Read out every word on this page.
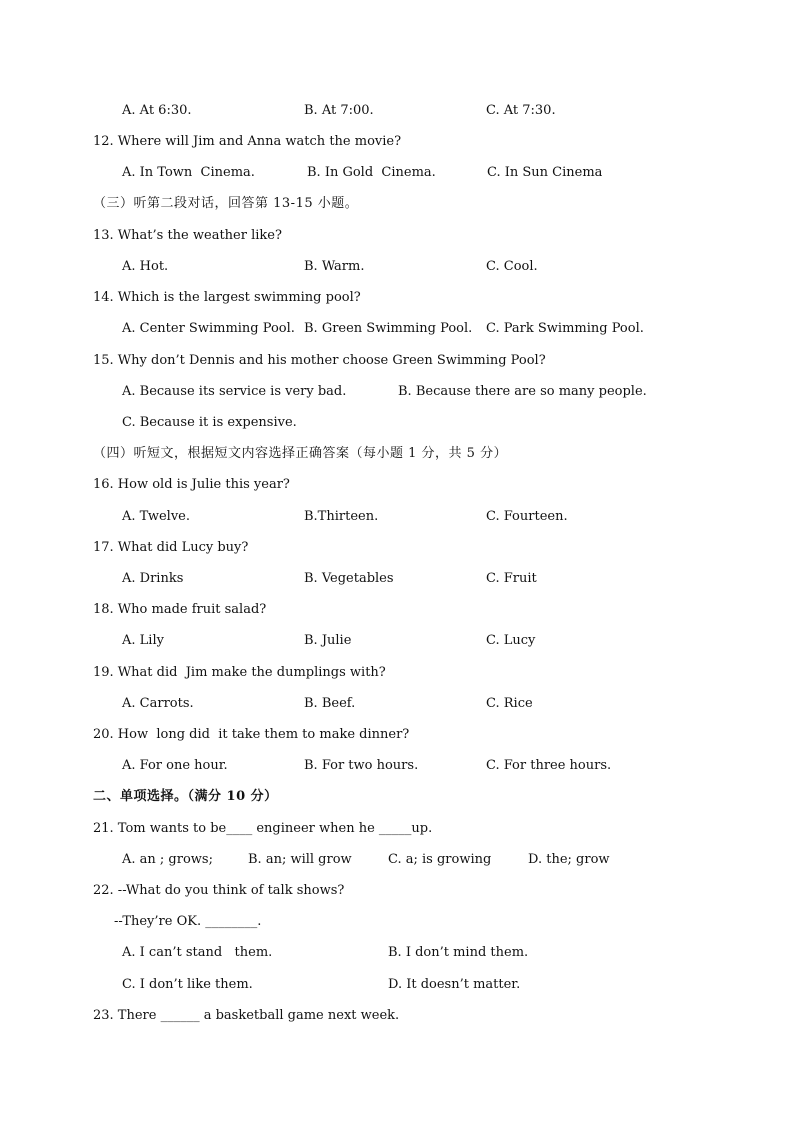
A. At 6:30.	B. At 7:00.	C. At 7:30.
12. Where will Jim and Anna watch the movie?
A. In Town  Cinema.	B. In Gold  Cinema.	C. In Sun Cinema
（三）听第二段对话，回答第 13-15 小题。
13. What’s the weather like?
A. Hot.	B. Warm.	C. Cool.
14. Which is the largest swimming pool?
A. Center Swimming Pool. B. Green Swimming Pool. C. Park Swimming Pool.
15. Why don’t Dennis and his mother choose Green Swimming Pool?
A. Because its service is very bad.	B. Because there are so many people.
C. Because it is expensive.
（四）听短文，根据短文内容选择正确答案（每小题 1 分，共 5 分）
16. How old is Julie this year?
A. Twelve.	B.Thirteen.	C. Fourteen.
17. What did Lucy buy?
A. Drinks	B. Vegetables	C. Fruit
18. Who made fruit salad?
A. Lily	B. Julie	C. Lucy
19. What did  Jim make the dumplings with?
A. Carrots.	B. Beef.	C. Rice
20. How  long did  it take them to make dinner?
A. For one hour.	B. For two hours.	C. For three hours.
二、单项选择。（满分 10 分）
21. Tom wants to be____ engineer when he _____up.
A. an ; grows;	B. an; will grow	C. a; is growing	D. the; grow
22. --What do you think of talk shows?
--They’re OK. ________.
A. I can’t stand   them.	B. I don’t mind them.
C. I don’t like them.	D. It doesn’t matter.
23. There ______ a basketball game next week.
